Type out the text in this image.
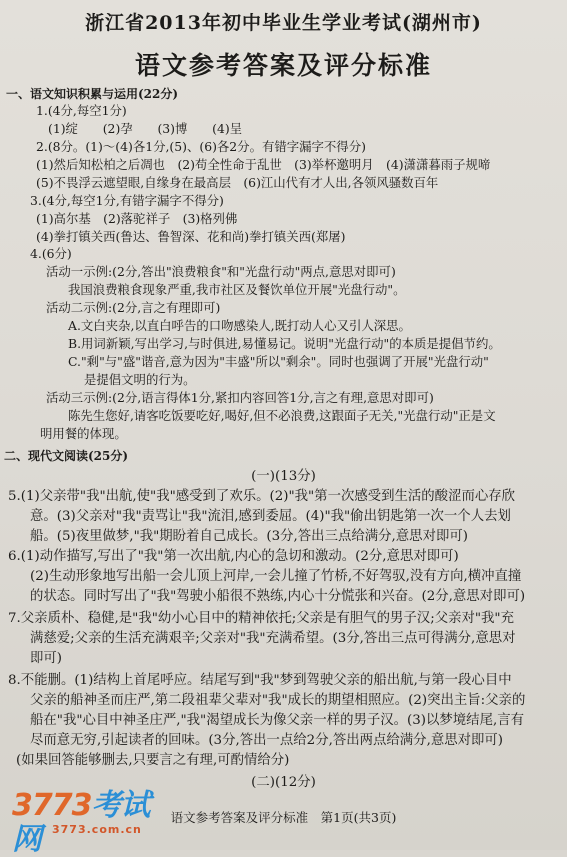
浙江省2013年初中毕业生学业考试(湖州市)
语文参考答案及评分标准
一、语文知识积累与运用(22分)
1.(4分,每空1分)
(1)绽　　(2)孕　　(3)博　　(4)呈
2.(8分。(1)～(4)各1分,(5)、(6)各2分。有错字漏字不得分)
(1)然后知松柏之后凋也　(2)苟全性命于乱世　(3)举杯邀明月　(4)潇潇暮雨子规啼
(5)不畏浮云遮望眼,自缘身在最高层　(6)江山代有才人出,各领风骚数百年
3.(4分,每空1分,有错字漏字不得分)
(1)高尔基　(2)落驼祥子　(3)格列佛
(4)拳打镇关西(鲁达、鲁智深、花和尚)拳打镇关西(郑屠)
4.(6分)
活动一示例:(2分,答出"浪费粮食"和"光盘行动"两点,意思对即可)
我国浪费粮食现象严重,我市社区及餐饮单位开展"光盘行动"。
活动二示例:(2分,言之有理即可)
A.文白夹杂,以直白呼告的口吻感染人,既打动人心又引人深思。
B.用词新颖,写出学习,与时俱进,易懂易记。说明"光盘行动"的本质是提倡节约。
C."剩"与"盛"谐音,意为因为"丰盛"所以"剩余"。同时也强调了开展"光盘行动"
是提倡文明的行为。
活动三示例:(2分,语言得体1分,紧扣内容回答1分,言之有理,意思对即可)
陈先生您好,请客吃饭要吃好,喝好,但不必浪费,这跟面子无关,"光盘行动"正是文
明用餐的体现。
二、现代文阅读(25分)
(一)(13分)
5.(1)父亲带"我"出航,使"我"感受到了欢乐。(2)"我"第一次感受到生活的酸涩而心存欣
意。(3)父亲对"我"责骂让"我"流泪,感到委屈。(4)"我"偷出钥匙第一次一个人去划
船。(5)夜里做梦,"我"期盼着自己成长。(3分,答出三点给满分,意思对即可)
6.(1)动作描写,写出了"我"第一次出航,内心的急切和激动。(2分,意思对即可)
(2)生动形象地写出船一会儿顶上河岸,一会儿撞了竹桥,不好驾驭,没有方向,横冲直撞
的状态。同时写出了"我"驾驶小船很不熟练,内心十分慌张和兴奋。(2分,意思对即可)
7.父亲质朴、稳健,是"我"幼小心目中的精神依托;父亲是有胆气的男子汉;父亲对"我"充
满慈爱;父亲的生活充满艰辛;父亲对"我"充满希望。(3分,答出三点可得满分,意思对
即可)
8.不能删。(1)结构上首尾呼应。结尾写到"我"梦到驾驶父亲的船出航,与第一段心目中
父亲的船神圣而庄严,第二段祖辈父辈对"我"成长的期望相照应。(2)突出主旨:父亲的
船在"我"心目中神圣庄严,"我"渴望成长为像父亲一样的男子汉。(3)以梦境结尾,言有
尽而意无穷,引起读者的回味。(3分,答出一点给2分,答出两点给满分,意思对即可)
(如果回答能够删去,只要言之有理,可酌情给分)
(二)(12分)
3773考试网	3773.com.cn
语文参考答案及评分标准　第1页(共3页)
